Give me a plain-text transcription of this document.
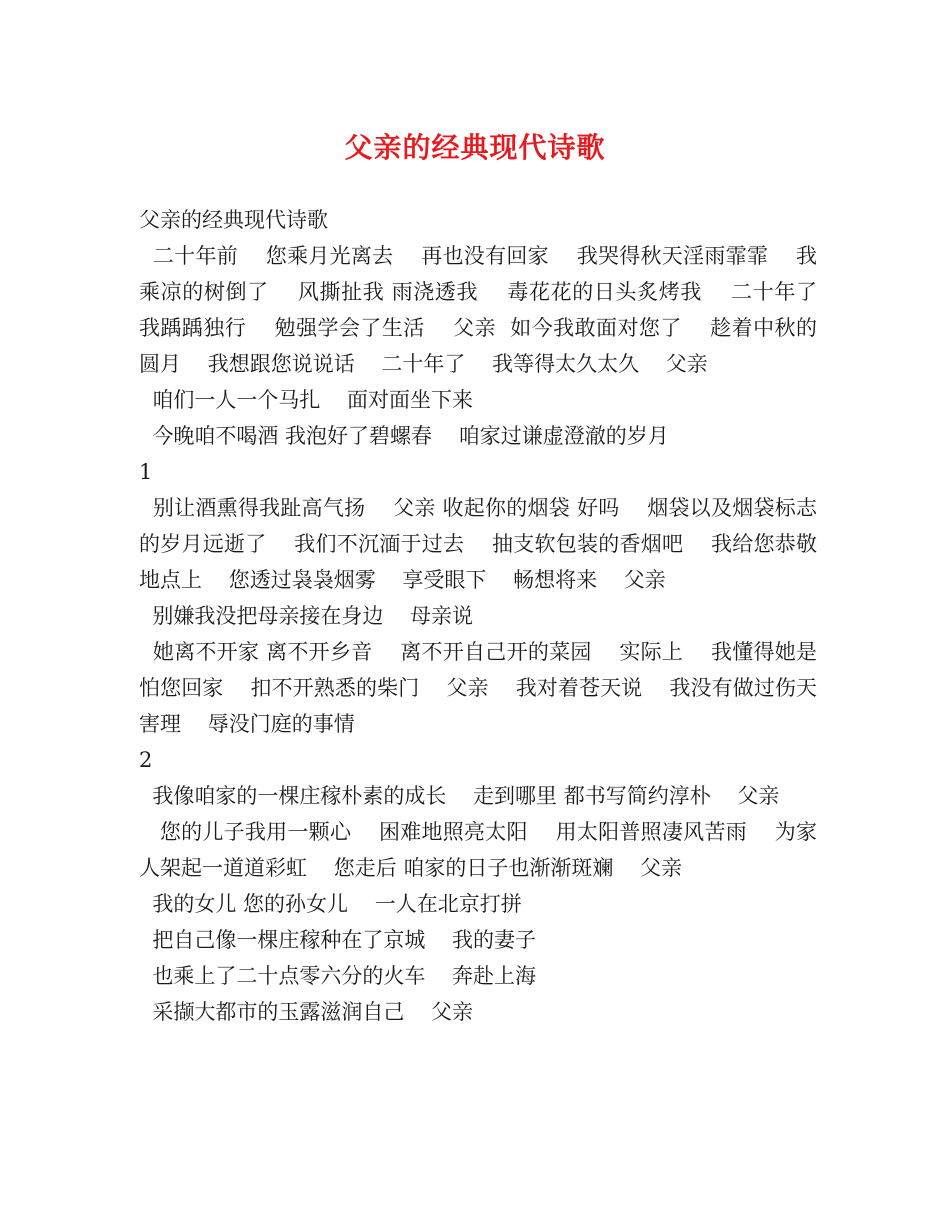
父亲的经典现代诗歌

父亲的经典现代诗歌

二十年前    您乘月光离去    再也没有回家    我哭得秋天淫雨霏霏    我乘凉的树倒了    风撕扯我 雨浇透我    毒花花的日头炙烤我    二十年了    我踽踽独行    勉强学会了生活    父亲  如今我敢面对您了    趁着中秋的圆月    我想跟您说说话    二十年了    我等得太久太久    父亲

咱们一人一个马扎    面对面坐下来

今晚咱不喝酒 我泡好了碧螺春    咱家过谦虚澄澈的岁月

1

别让酒熏得我趾高气扬    父亲 收起你的烟袋 好吗    烟袋以及烟袋标志的岁月远逝了    我们不沉湎于过去    抽支软包装的香烟吧    我给您恭敬地点上    您透过袅袅烟雾    享受眼下    畅想将来    父亲

别嫌我没把母亲接在身边    母亲说

她离不开家 离不开乡音    离不开自己开的菜园    实际上    我懂得她是怕您回家    扣不开熟悉的柴门    父亲    我对着苍天说    我没有做过伤天害理    辱没门庭的事情

2

我像咱家的一棵庄稼朴素的成长    走到哪里 都书写简约淳朴    父亲

您的儿子我用一颗心    困难地照亮太阳    用太阳普照凄风苦雨    为家人架起一道道彩虹    您走后 咱家的日子也渐渐斑斓    父亲

我的女儿 您的孙女儿    一人在北京打拼

把自己像一棵庄稼种在了京城    我的妻子

也乘上了二十点零六分的火车    奔赴上海

采撷大都市的玉露滋润自己    父亲
